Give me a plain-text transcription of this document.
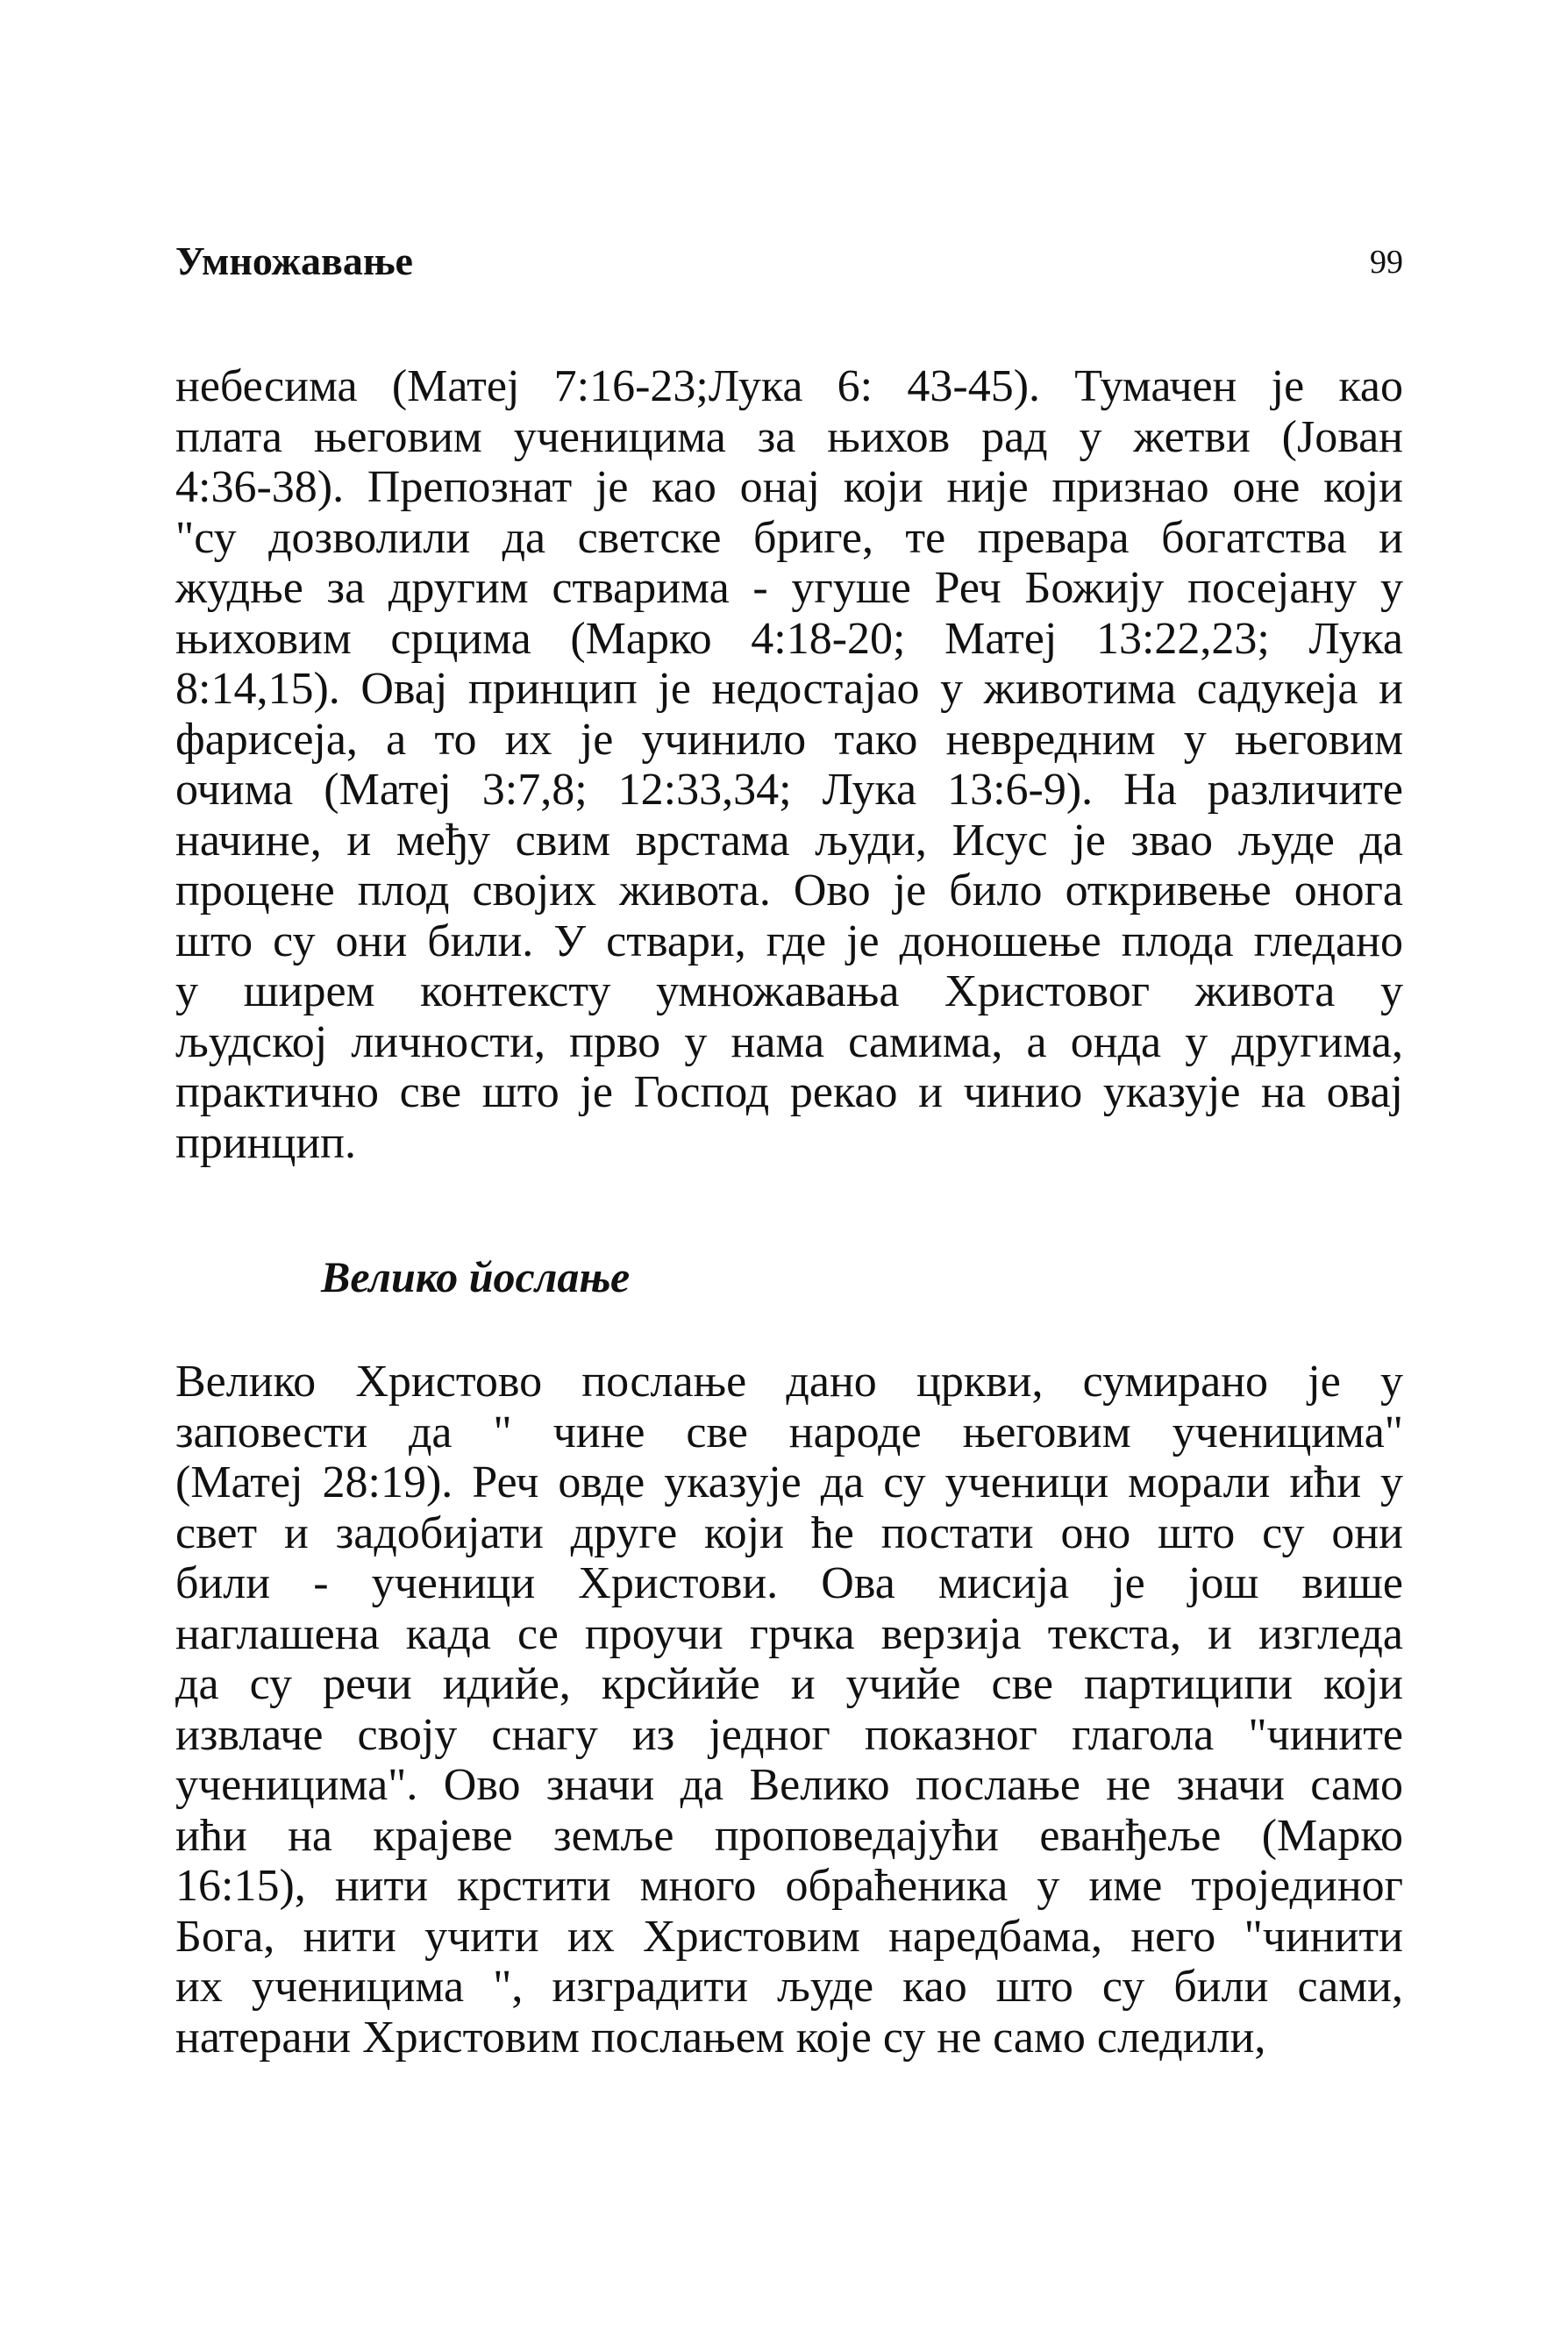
Умножавање	99
небесима (Матеј 7:16-23;Лука 6: 43-45). Тумачен је као
плата његовим ученицима за њихов рад у жетви (Јован
4:36-38). Препознат је као онај који није признао оне који
"су дозволили да светске бриге, те превара богатства и
жудње за другим стварима - угуше Реч Божију посејану у
њиховим срцима (Марко 4:18-20; Матеј 13:22,23; Лука
8:14,15). Овај принцип је недостајао у животима садукеја и
фарисеја, а то их је учинило тако невредним у његовим
очима (Матеј 3:7,8; 12:33,34; Лука 13:6-9). На различите
начине, и међу свим врстама људи, Исус је звао људе да
процене плод својих живота. Ово је било откривење онога
што су они били. У ствари, где је доношење плода гледано
у ширем контексту умножавања Христовог живота у
људској личности, прво у нама самима, а онда у другима,
практично све што је Господ рекао и чинио указује на овај
принцип.
Велико йослање
Велико Христово послање дано цркви, сумирано је у
заповести да " чине све народе његовим ученицима"
(Матеј 28:19). Реч овде указује да су ученици морали ићи у
свет и задобијати друге који ће постати оно што су они
били - ученици Христови. Ова мисија је још више
наглашена када се проучи грчка верзија текста, и изгледа
да су речи идийе, крсйийе и учийе све партиципи који
извлаче своју снагу из једног показног глагола "чините
ученицима". Ово значи да Велико послање не значи само
ићи на крајеве земље проповедајући еванђеље (Марко
16:15), нити крстити много обраћеника у име тројединог
Бога, нити учити их Христовим наредбама, него "чинити
их ученицима ", изградити људе као што су били сами,
натерани Христовим послањем које су не само следили,
